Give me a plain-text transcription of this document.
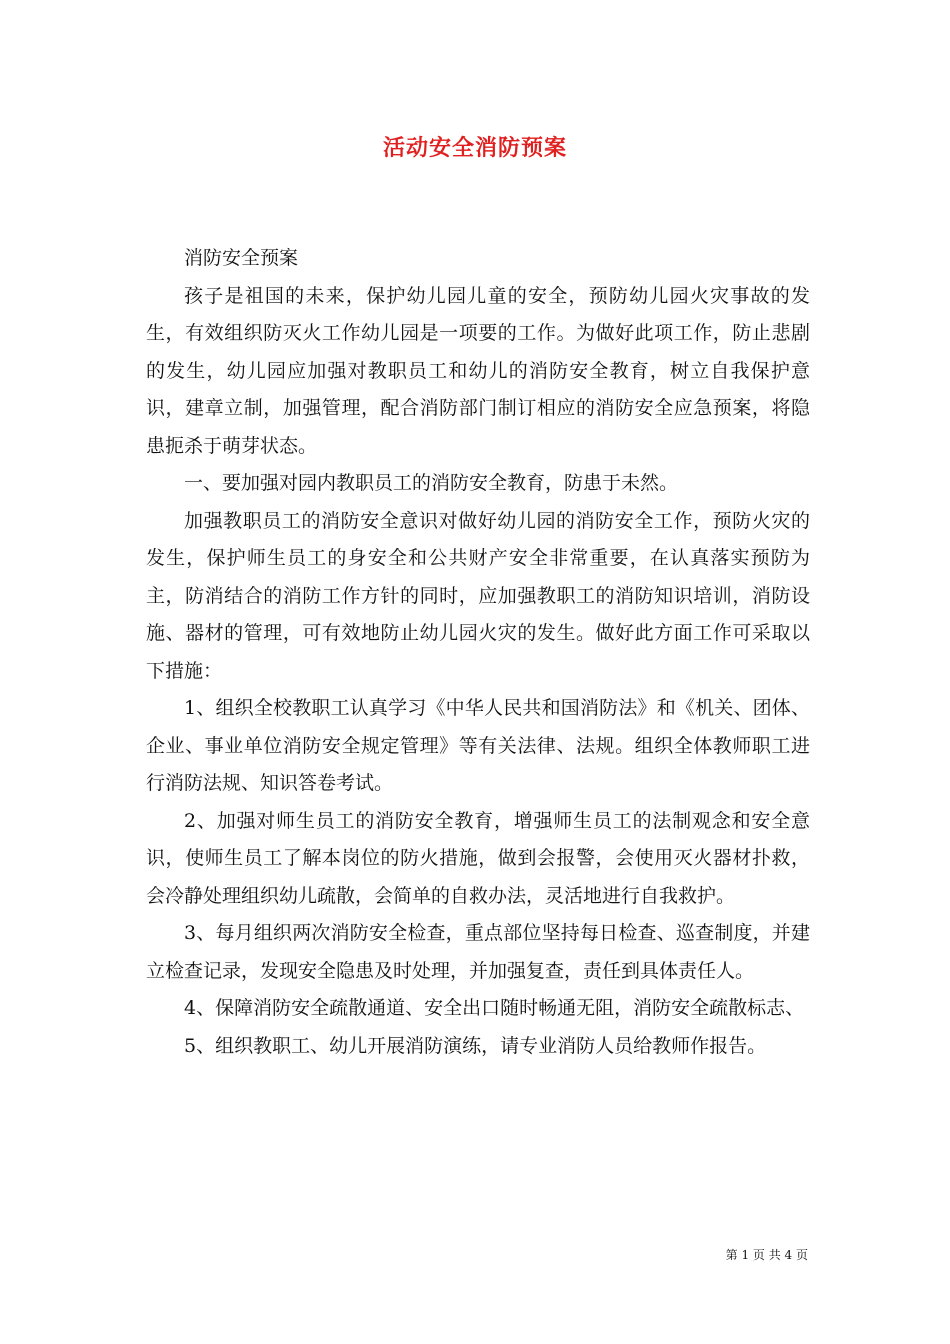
活动安全消防预案

消防安全预案

孩子是祖国的未来，保护幼儿园儿童的安全，预防幼儿园火灾事故的发生，有效组织防灭火工作幼儿园是一项要的工作。为做好此项工作，防止悲剧的发生，幼儿园应加强对教职员工和幼儿的消防安全教育，树立自我保护意识，建章立制，加强管理，配合消防部门制订相应的消防安全应急预案，将隐患扼杀于萌芽状态。

一、要加强对园内教职员工的消防安全教育，防患于未然。

加强教职员工的消防安全意识对做好幼儿园的消防安全工作，预防火灾的发生，保护师生员工的身安全和公共财产安全非常重要，在认真落实预防为主，防消结合的消防工作方针的同时，应加强教职工的消防知识培训，消防设施、器材的管理，可有效地防止幼儿园火灾的发生。做好此方面工作可采取以下措施：

1、组织全校教职工认真学习《中华人民共和国消防法》和《机关、团体、企业、事业单位消防安全规定管理》等有关法律、法规。组织全体教师职工进行消防法规、知识答卷考试。

2、加强对师生员工的消防安全教育，增强师生员工的法制观念和安全意识，使师生员工了解本岗位的防火措施，做到会报警，会使用灭火器材扑救，会冷静处理组织幼儿疏散，会简单的自救办法，灵活地进行自我救护。

3、每月组织两次消防安全检查，重点部位坚持每日检查、巡查制度，并建立检查记录，发现安全隐患及时处理，并加强复查，责任到具体责任人。

4、保障消防安全疏散通道、安全出口随时畅通无阻，消防安全疏散标志、

5、组织教职工、幼儿开展消防演练，请专业消防人员给教师作报告。

第 1 页 共 4 页
